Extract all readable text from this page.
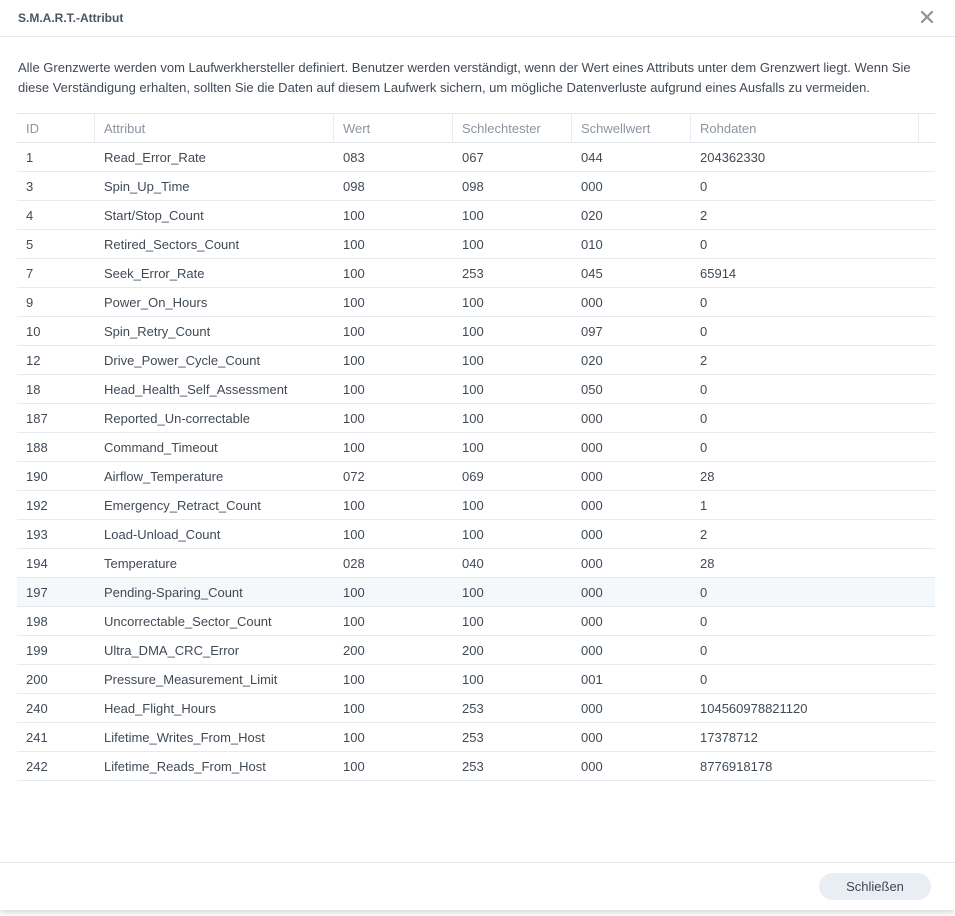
S.M.A.R.T.-Attribut
Alle Grenzwerte werden vom Laufwerkhersteller definiert. Benutzer werden verständigt, wenn der Wert eines Attributs unter dem Grenzwert liegt. Wenn Sie diese Verständigung erhalten, sollten Sie die Daten auf diesem Laufwerk sichern, um mögliche Datenverluste aufgrund eines Ausfalls zu vermeiden.
ID	Attribut	Wert	Schlechtester	Schwellwert	Rohdaten
1	Read_Error_Rate	083	067	044	204362330
3	Spin_Up_Time	098	098	000	0
4	Start/Stop_Count	100	100	020	2
5	Retired_Sectors_Count	100	100	010	0
7	Seek_Error_Rate	100	253	045	65914
9	Power_On_Hours	100	100	000	0
10	Spin_Retry_Count	100	100	097	0
12	Drive_Power_Cycle_Count	100	100	020	2
18	Head_Health_Self_Assessment	100	100	050	0
187	Reported_Un-correctable	100	100	000	0
188	Command_Timeout	100	100	000	0
190	Airflow_Temperature	072	069	000	28
192	Emergency_Retract_Count	100	100	000	1
193	Load-Unload_Count	100	100	000	2
194	Temperature	028	040	000	28
197	Pending-Sparing_Count	100	100	000	0
198	Uncorrectable_Sector_Count	100	100	000	0
199	Ultra_DMA_CRC_Error	200	200	000	0
200	Pressure_Measurement_Limit	100	100	001	0
240	Head_Flight_Hours	100	253	000	104560978821120
241	Lifetime_Writes_From_Host	100	253	000	17378712
242	Lifetime_Reads_From_Host	100	253	000	8776918178
Schließen
